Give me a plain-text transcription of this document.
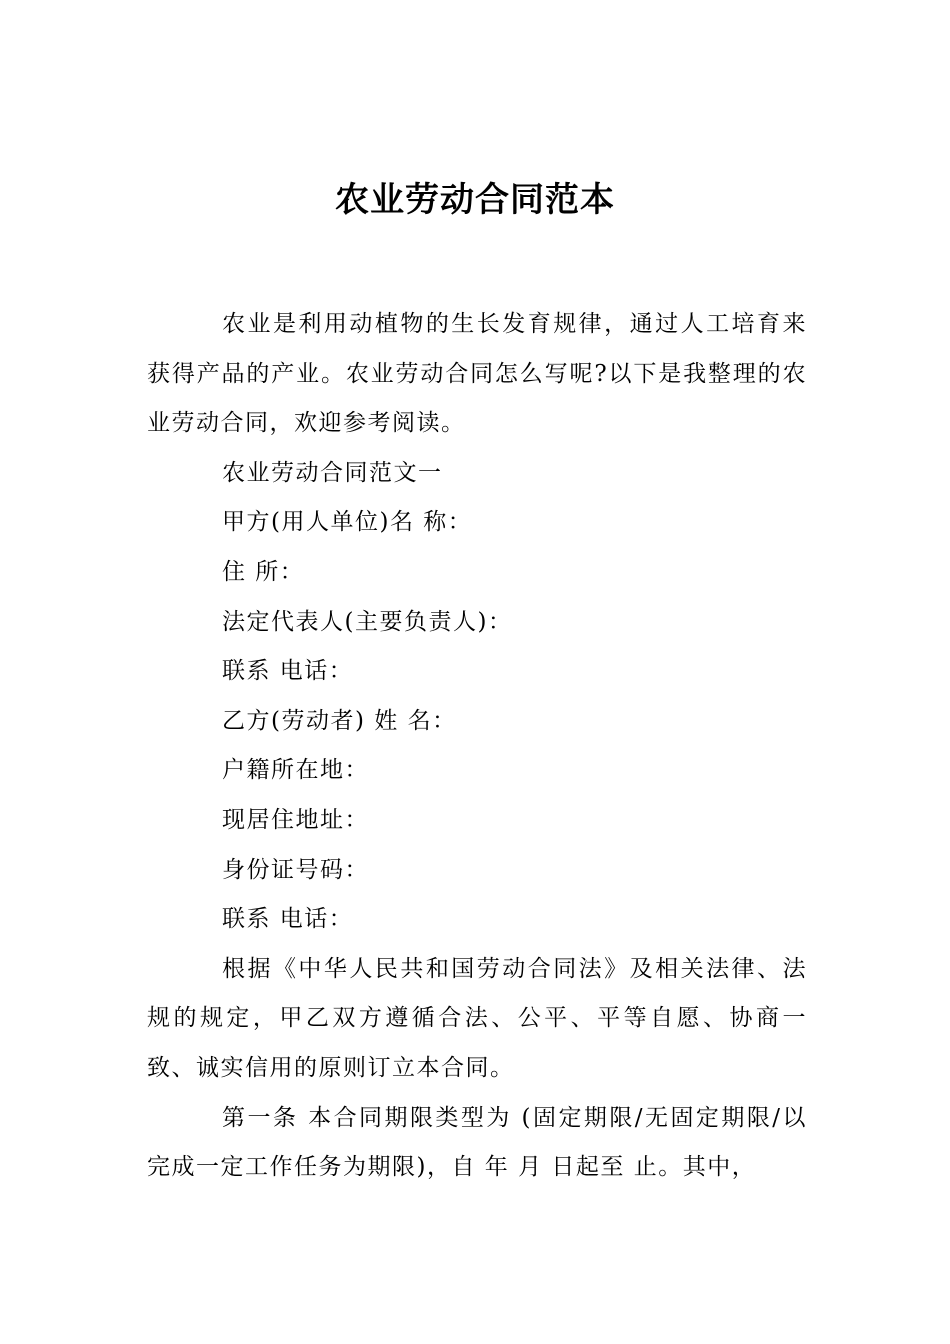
农业劳动合同范本

农业是利用动植物的生长发育规律，通过人工培育来获得产品的产业。农业劳动合同怎么写呢?以下是我整理的农业劳动合同，欢迎参考阅读。

农业劳动合同范文一

甲方(用人单位)名 称：

住 所：

法定代表人(主要负责人)：

联系 电话：

乙方(劳动者) 姓 名：

户籍所在地：

现居住地址：

身份证号码：

联系 电话：

根据《中华人民共和国劳动合同法》及相关法律、法规的规定，甲乙双方遵循合法、公平、平等自愿、协商一致、诚实信用的原则订立本合同。

第一条 本合同期限类型为 (固定期限/无固定期限/以完成一定工作任务为期限)，自 年 月 日起至 止。其中，
